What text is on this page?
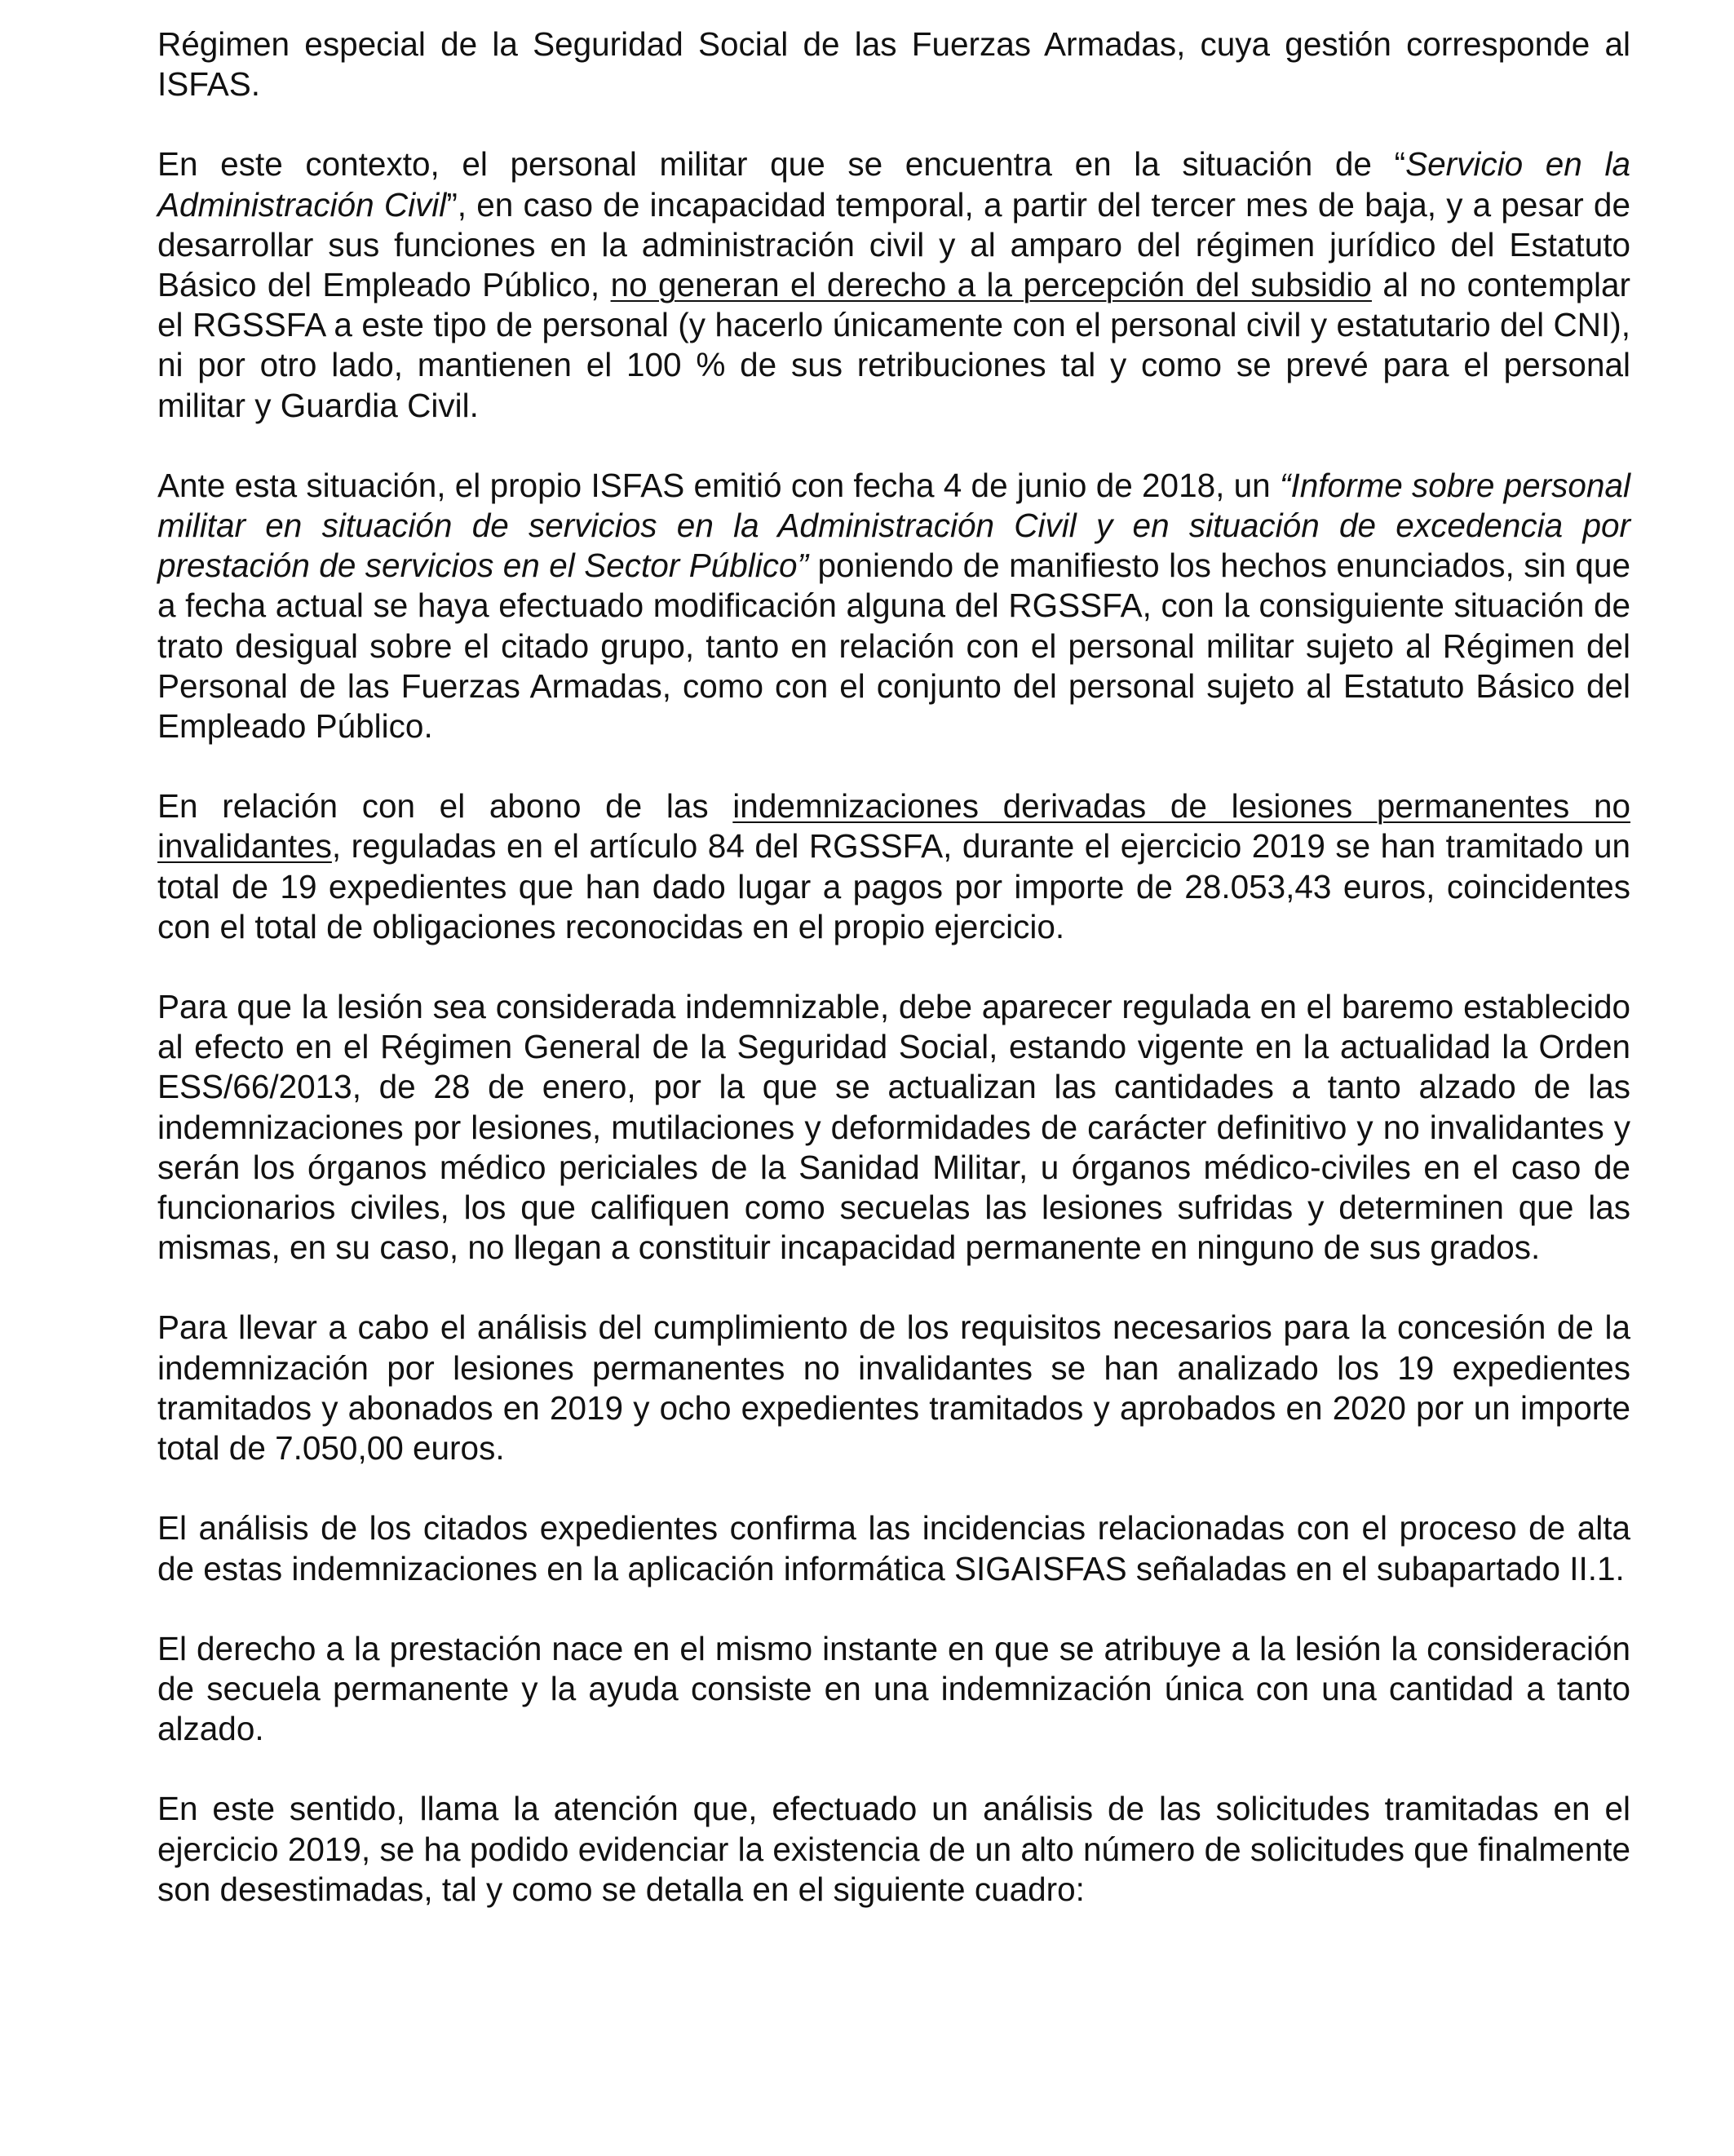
Régimen especial de la Seguridad Social de las Fuerzas Armadas, cuya gestión corresponde al ISFAS.

En este contexto, el personal militar que se encuentra en la situación de “Servicio en la Administración Civil”, en caso de incapacidad temporal, a partir del tercer mes de baja, y a pesar de desarrollar sus funciones en la administración civil y al amparo del régimen jurídico del Estatuto Básico del Empleado Público, no generan el derecho a la percepción del subsidio al no contemplar el RGSSFA a este tipo de personal (y hacerlo únicamente con el personal civil y estatutario del CNI), ni por otro lado, mantienen el 100 % de sus retribuciones tal y como se prevé para el personal militar y Guardia Civil.

Ante esta situación, el propio ISFAS emitió con fecha 4 de junio de 2018, un “Informe sobre personal militar en situación de servicios en la Administración Civil y en situación de excedencia por prestación de servicios en el Sector Público” poniendo de manifiesto los hechos enunciados, sin que a fecha actual se haya efectuado modificación alguna del RGSSFA, con la consiguiente situación de trato desigual sobre el citado grupo, tanto en relación con el personal militar sujeto al Régimen del Personal de las Fuerzas Armadas, como con el conjunto del personal sujeto al Estatuto Básico del Empleado Público.

En relación con el abono de las indemnizaciones derivadas de lesiones permanentes no invalidantes, reguladas en el artículo 84 del RGSSFA, durante el ejercicio 2019 se han tramitado un total de 19 expedientes que han dado lugar a pagos por importe de 28.053,43 euros, coincidentes con el total de obligaciones reconocidas en el propio ejercicio.

Para que la lesión sea considerada indemnizable, debe aparecer regulada en el baremo establecido al efecto en el Régimen General de la Seguridad Social, estando vigente en la actualidad la Orden ESS/66/2013, de 28 de enero, por la que se actualizan las cantidades a tanto alzado de las indemnizaciones por lesiones, mutilaciones y deformidades de carácter definitivo y no invalidantes y serán los órganos médico periciales de la Sanidad Militar, u órganos médico-civiles en el caso de funcionarios civiles, los que califiquen como secuelas las lesiones sufridas y determinen que las mismas, en su caso, no llegan a constituir incapacidad permanente en ninguno de sus grados.

Para llevar a cabo el análisis del cumplimiento de los requisitos necesarios para la concesión de la indemnización por lesiones permanentes no invalidantes se han analizado los 19 expedientes tramitados y abonados en 2019 y ocho expedientes tramitados y aprobados en 2020 por un importe total de 7.050,00 euros.

El análisis de los citados expedientes confirma las incidencias relacionadas con el proceso de alta de estas indemnizaciones en la aplicación informática SIGAISFAS señaladas en el subapartado II.1.

El derecho a la prestación nace en el mismo instante en que se atribuye a la lesión la consideración de secuela permanente y la ayuda consiste en una indemnización única con una cantidad a tanto alzado.

En este sentido, llama la atención que, efectuado un análisis de las solicitudes tramitadas en el ejercicio 2019, se ha podido evidenciar la existencia de un alto número de solicitudes que finalmente son desestimadas, tal y como se detalla en el siguiente cuadro:
